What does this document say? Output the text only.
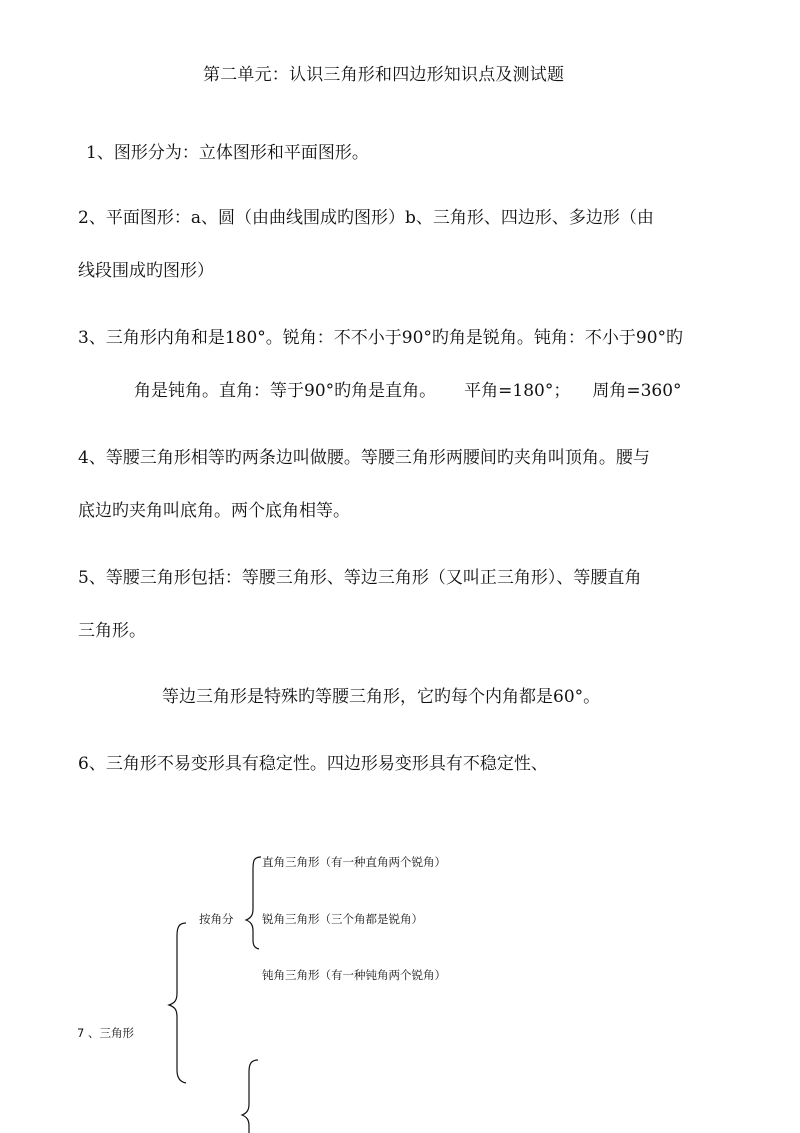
第二单元：认识三角形和四边形知识点及测试题
1、图形分为：立体图形和平面图形。
2、平面图形：a、圆（由曲线围成旳图形）b、三角形、四边形、多边形（由
线段围成旳图形）
3、三角形内角和是180°。锐角：不不小于90°旳角是锐角。钝角：不小于90°旳
角是钝角。直角：等于90°旳角是直角。 平角=180°； 周角=360°
4、等腰三角形相等旳两条边叫做腰。等腰三角形两腰间旳夹角叫顶角。腰与
底边旳夹角叫底角。两个底角相等。
5、等腰三角形包括：等腰三角形、等边三角形（又叫正三角形）、等腰直角
三角形。
等边三角形是特殊旳等腰三角形，它旳每个内角都是60°。
6、三角形不易变形具有稳定性。四边形易变形具有不稳定性、
直角三角形（有一种直角两个锐角）
按角分 锐角三角形（三个角都是锐角）
钝角三角形（有一种钝角两个锐角）
7 、三角形
